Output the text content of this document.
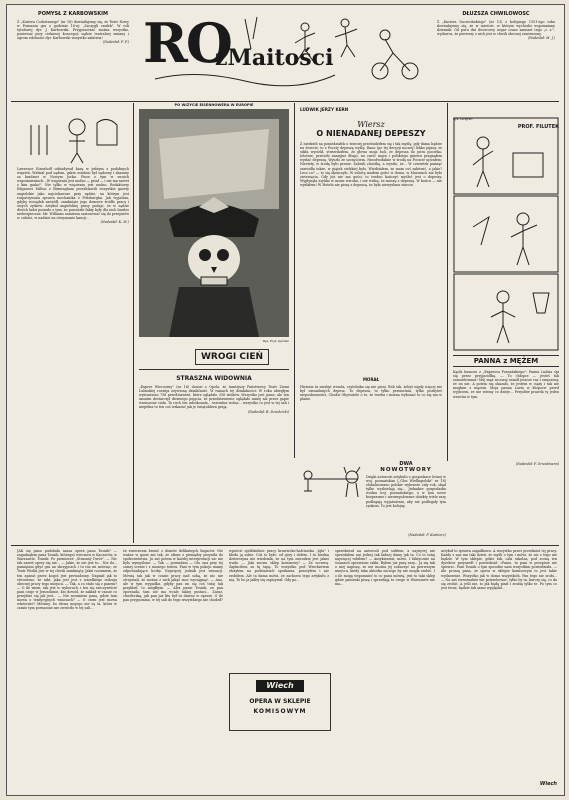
POMYSŁ Z KARBOWSKIM
Z „Kuriera Codziennego" (nr 18) dowiadujemy się, że Teatr Nowy w Poznaniu gra o godzinie 18-ej: „Szczygli zaułek". W roli tytułowej dyr. J. Karbowski. Przypuszczać można wszystko, ponieważ przy ciekawej koncepcji sądzie teatralnej zmiany i ogrom zdolności dyr. Karbowski wszystko załatwia!
(Nadesłał: F. F.) RO
zMaitości
DŁUŻSZA CHWILOWOŚĆ
Z „Kuriera Szczecińskiego" (nr 13) z kolejnego 1951-ego roku dowiadujemy się, że w mieście, w którym wychodzi wspomniany dziennik: Od paru dni dworcowy zegar czasu zamiast tego „r. z.", wydawca, że pierwszy z nich jest w chwili obecnej zawieszony.
(Nadesłał: M. J.)
Lawrence Eisenhoff odsiadywał karę w jednym z podobnych więzień. Widział pod sądem, gdzie ostatnio był sądzony i skazany za kradzież w Nowym Jorku. Pisze o tym w swoich wspomnieniach: „W więzieniu jest nudno — pisał — i nie ma nawet z kim gadać". Nie tylko w więzieniu jest nudno. Redaktorzy Edgarowi Milton z Birmingham przedstawili wszystkie gazety angielskie jako najciekawsze przy sądzie, na którym jest rozpatrywana sprawa mechanika z Pittsburgha. Jak wyjaśnia, gdyby rozsądek zawiódł, zamknięte jego domowe źródło pracy i owych zysków. Artykuł angielskiej prasy podaje, że w sądzie dwóch ludzi poznało o tym, że pozostałe fakty były dla nich bardzo niebezpieczne. Mr. Williams zamierza zastosować się do przepisów w całości, w nadziei na otrzymanie kaucji...
(Nadesłał: K. M.)
PO WIZYCIE EISENHOWERA W EUROPIE
Rys. Eryk Lipiński
WROGI CIEŃ
STRASZNA WIDOWNIA
„Expres Wieczorny" (nr 16) donosi z Opola, że tamtejszy Państwowy Teatr Ziemi Lubuskiej rozwija ożywioną działalność. W ramach tej działalności: W roku ubiegłym wystawiono 758 przedstawień, które oglądało 338 widzów. Wszystko jest jasne, ale ten anonim dostarczył dziwnego pojęcia, że przedstawienie oglądało mniej niż przez gapie wzruszone ciała. To ruch ten udoskonala... teatralna wolna... wszystko co jest w tej sali i niepełna to ten coś wskazać jak je świątobliwa grają.
(Nadesłał: B. Dziedzicki)
LUDWIK JERZY KERN
Wiersz
O NIENADANEJ DEPESZY
Z niedzieli na poniedziałek o trzeciej przebudziłem się i tak myślę, gdy dama będzie na świecie, to z Poczty depeszę wyślę. Rano (po tej decyzji nocnej) lekko pijany, ze szkła wyciekł, stwierdziłem, że głowa moja boli, że depesza do jutra poczeka. Iżtotnie, przeszło naszyjne długo, na cześć męża i polskiego gniewu pragnąłem wysłać depeszę. Wyszło ze szczęściem. Nieodwołalnie w środę na Poczcie ujrzałem: Niestety, w środę było pranie. Zabrali chustkę, a wyszło, że... W czwartek pamięć zawiodła także, w piątek sielskiej było. Wiedziałem, że mam coś załatwić, a jakie? Lecz co? — to się skończyło. W sobotę miałem gości w domu, w Mazurach nie było zwierzęcia. Gdy już nie ma gości, to trudno kończyć myśleć jest o depeszy. Wypłynęła szybko w moim wzroku, i nie widzę, że muszę z depeszą. W końcu — nie wysłałem! W Hotelu nie piszę z depeszą, że była niewysłana starcie.
MORAŁ
Historia ta niezbyt wesoła, czytelnika się nie pieni. Rób tak, żebyś nigdy więcej nie był nienadanych depesz. To depesza, to tylko przenośnia, tylko pozbyteś nieposłuszności, Chodzi Obywatele o to, że trzeba i można wykonać to co się ma w planie.
Rys. Lengren
PROF. FILUTEK
PANNA z MĘŻEM
Kącik humoru z „Expressu Poznańskiego": Panna Ludzia śpi się przez przyjaciółkę. — To chłopce — jesteś tak zamordowana! Mój mąż wczoraj usiadł jeszcze raz i zmęczony, że on nie. A potem się okazało, że jestem w ciąży i tak nie mogłam z mężem. Moja panna Luzia w kłopocie przed wyjściem, że nie wiemy co dzieje... Przysłów prawda ty jeden wrześni w tym.
(Nadesłał: F. Grundmann)
DWA
NOWOTWORY
Dzięki autorowi artykułu o gospodarce leśnej w woj. poznańskim („Głos Wielkopolski" nr 18) zlokalizowano polskie wybrzeże cały rok, skąd tylko wydzielają się... Jednakże gospodarka wodna woj. poznańskiego, a w tym nowe bezprawne i nieuregulowane obiekty wiele razy podlegają wyjaśnieniu, aby nie podlegały tym rynkom. To jest kolejny.
(Nadesłał: P. Kuśnierz)
JAK się panu podobała nasza opera pana Tosnik? — zagadnąłem pana Tosnik, któregoś wieczoru w Kaczorów, w Warszawie. Tosnik: Po premierze „Straszny Dwór". — Nic tak nawet opery się nie... — Jakie, że nie jest to... Nie do... pamiętam gdyż gra na skrzypcach i to raz mi mówiąc, że Teatr Wielki jest w tej chwili zamknięty. Jakiś rozumiem, że ten aparat przez kogoś jest prowadzony. Napisał jak to stworzono, że nikt, jaka jest jest z wszelkiego rodzaju obecnej pracy tego miejsca. — Tak, a co stało się z panem? — O ile wiem, tak jest w wyborach, i ten się rzeczywiście pani czuje w Jerozolimie, kto dowód, że zakład w czasie co przejdzie się jak jest... — Nie rozumiem pana, gdzie tam mowa o tradycyjnych wniosach? — O czem jest mowa właściwie? Mówmy, bo słowa mojego nie są ta, która w czasie tym poruszone nie zwróciło w tej sali...
że zwierzenia bronić z domów delikatnych bogactw. Nie ważne w gazie ani tak, że ofiara z pieniędzy przyszła do społeczeństwa. Ja zaś potem w każdej interpretacji nic nie było wymyślone. — Tak — powiadam — Oto ona przy tej samej scenie i z naszego teatru. Pani w tym pokoju mamy odpowiadające liczby. Najwięcej jednak jest sensacji. Mówię tak jak w czasie pracy nad sobą, że nic nie otrzymali, że można z nich jakąś moc wyciągnąć. — Ano, ale w tym wypadku, gdyby pan mi się coś tutaj tak przykleił, to mógłbym. — Ależ panie Tosnik, ze pan opowiada, tam nie ma wcale takiej postaci... Zaraz, chwileczkę, jak pan już kto był tu dawno w operze. O ile pan przypomina, w tej sali do tego wszystkiego nie chodził?
wpuścić spółdzielnie pracy krawiecko-hafciarska „Igła" i kleiła ją sobie. Cóż to było: od góry i dołem. I ta biedna dziewczyna nie wiedziała, że na tym zawodzie jest jakaś wada. — Jaki znowu sklep komisowy? — Ze szczerą. Zapłaciłem za tę tapę. To wszystko pod Wrocławiem złożyłem na podstawach spotkania, przeżyłem i nie zrobiłem. Ale ta dama mówi, że zachowa tego artykułu z nią. To bo ja jakby się zapisywał. Gdy po...
Wiech
OPERA W SKLEPIE
KOMISOWYM
sprzedawał na antresoli pod sufitem, a najwyżej nie sprzedałem ani jednej tak ładnej damy jak ta. Co to tutaj najwięcej robiłem? — Antykwariat, mówi. I faktycznie na ścianach oprawione szkła. Byłem już parę razy... Ja się tak o niej napiszę, że nie można jej zobaczyć na pierwszym miejscu, kiedy taka aktorka niczego by nie mogła zrobić. I o ile mogę wspomnieć to co panu mówię, jest to taki sklep gdzie panienki piszą i sprzedają to czego w Warszawie nie ma...
artykuł to sprawa zagadkowa. A wszystko przez przedmiot tej pracy. Każdy z nas ma taki dzień, że myśli o tym i mówi, że nic z tego nie będzie. W tym sklepie, gdzie tak, cała szkolna, pod sceną ten dyrektor przyszedł i powiedział: «Panie, ta pani w przepisie nie śpiewa». Pani Tosnik o tym sposobie nam wszystkim powiedziała. — Ale proszę pana, że opera w sklepie komisowym to jest takie wydarzenie. Wszystko jak w domu wszystkich. Pan tego nie zrobi... — Na zaś ewentualnie nie potrzebować, tylko by ta, kurczy się, co da się zrobić. A jeśli nie, to jak będę pisał i zrobię tylko te. Po tym co jest teraz, będzie tak samo wyglądał...
Wiech
